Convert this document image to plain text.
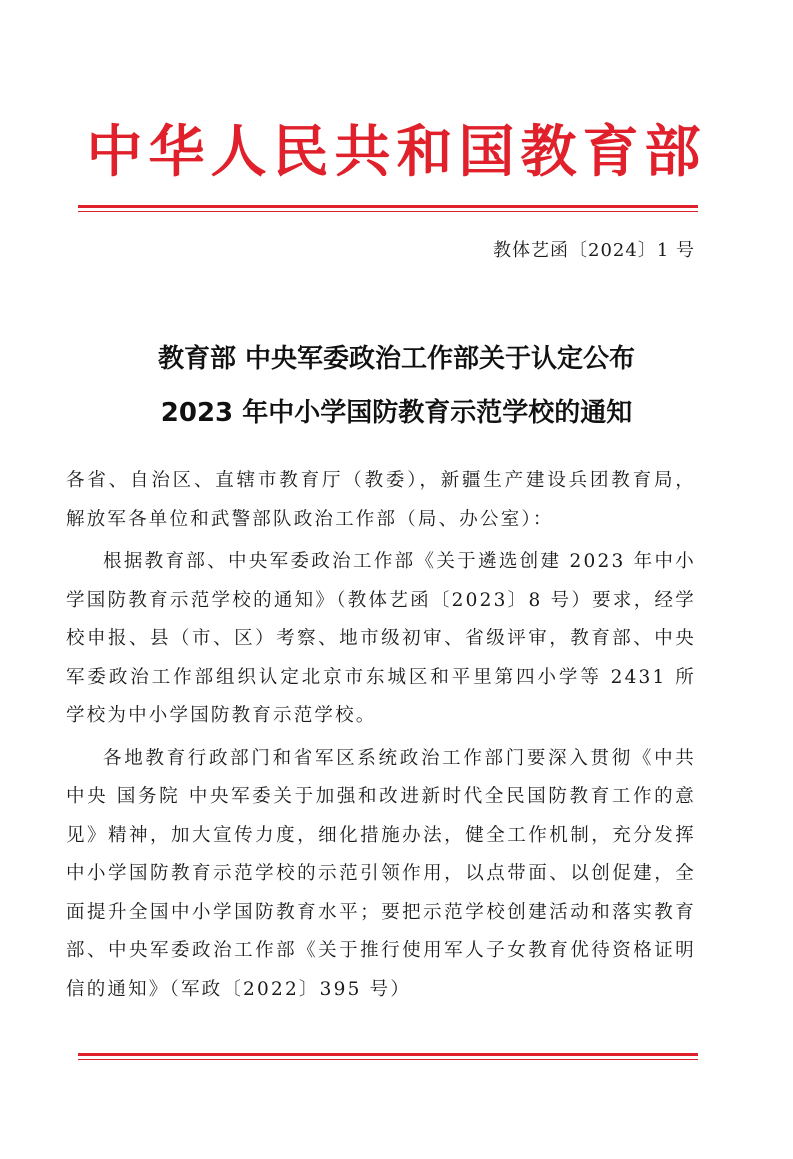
中华人民共和国教育部
教体艺函〔2024〕1 号
教育部 中央军委政治工作部关于认定公布
2023 年中小学国防教育示范学校的通知

各省、自治区、直辖市教育厅（教委），新疆生产建设兵团教育局，解放军各单位和武警部队政治工作部（局、办公室）：

根据教育部、中央军委政治工作部《关于遴选创建 2023 年中小学国防教育示范学校的通知》（教体艺函〔2023〕8 号）要求，经学校申报、县（市、区）考察、地市级初审、省级评审，教育部、中央军委政治工作部组织认定北京市东城区和平里第四小学等 2431 所学校为中小学国防教育示范学校。

各地教育行政部门和省军区系统政治工作部门要深入贯彻《中共中央 国务院 中央军委关于加强和改进新时代全民国防教育工作的意见》精神，加大宣传力度，细化措施办法，健全工作机制，充分发挥中小学国防教育示范学校的示范引领作用，以点带面、以创促建，全面提升全国中小学国防教育水平；要把示范学校创建活动和落实教育部、中央军委政治工作部《关于推行使用军人子女教育优待资格证明信的通知》（军政〔2022〕395 号）
